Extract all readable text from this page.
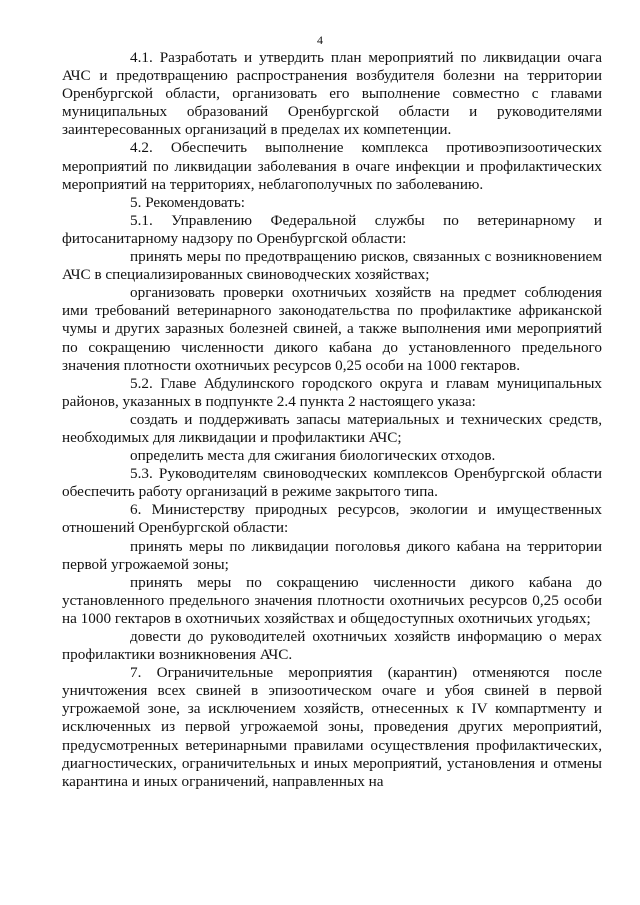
4

4.1. Разработать и утвердить план мероприятий по ликвидации очага АЧС и предотвращению распространения возбудителя болезни на территории Оренбургской области, организовать его выполнение совместно с главами муниципальных образований Оренбургской области и руководителями заинтересованных организаций в пределах их компетенции.

4.2. Обеспечить выполнение комплекса противоэпизоотических мероприятий по ликвидации заболевания в очаге инфекции и профилактических мероприятий на территориях, неблагополучных по заболеванию.

5. Рекомендовать:

5.1. Управлению Федеральной службы по ветеринарному и фитосанитарному надзору по Оренбургской области:

принять меры по предотвращению рисков, связанных с возникновением АЧС в специализированных свиноводческих хозяйствах;

организовать проверки охотничьих хозяйств на предмет соблюдения ими требований ветеринарного законодательства по профилактике африканской чумы и других заразных болезней свиней, а также выполнения ими мероприятий по сокращению численности дикого кабана до установленного предельного значения плотности охотничьих ресурсов 0,25 особи на 1000 гектаров.

5.2. Главе Абдулинского городского округа и главам муниципальных районов, указанных в подпункте 2.4 пункта 2 настоящего указа:

создать и поддерживать запасы материальных и технических средств, необходимых для ликвидации и профилактики АЧС;

определить места для сжигания биологических отходов.

5.3. Руководителям свиноводческих комплексов Оренбургской области обеспечить работу организаций в режиме закрытого типа.

6. Министерству природных ресурсов, экологии и имущественных отношений Оренбургской области:

принять меры по ликвидации поголовья дикого кабана на территории первой угрожаемой зоны;

принять меры по сокращению численности дикого кабана до установленного предельного значения плотности охотничьих ресурсов 0,25 особи на 1000 гектаров в охотничьих хозяйствах и общедоступных охотничьих угодьях;

довести до руководителей охотничьих хозяйств информацию о мерах профилактики возникновения АЧС.

7. Ограничительные мероприятия (карантин) отменяются после уничтожения всех свиней в эпизоотическом очаге и убоя свиней в первой угрожаемой зоне, за исключением хозяйств, отнесенных к IV компартменту и исключенных из первой угрожаемой зоны, проведения других мероприятий, предусмотренных ветеринарными правилами осуществления профилактических, диагностических, ограничительных и иных мероприятий, установления и отмены карантина и иных ограничений, направленных на
